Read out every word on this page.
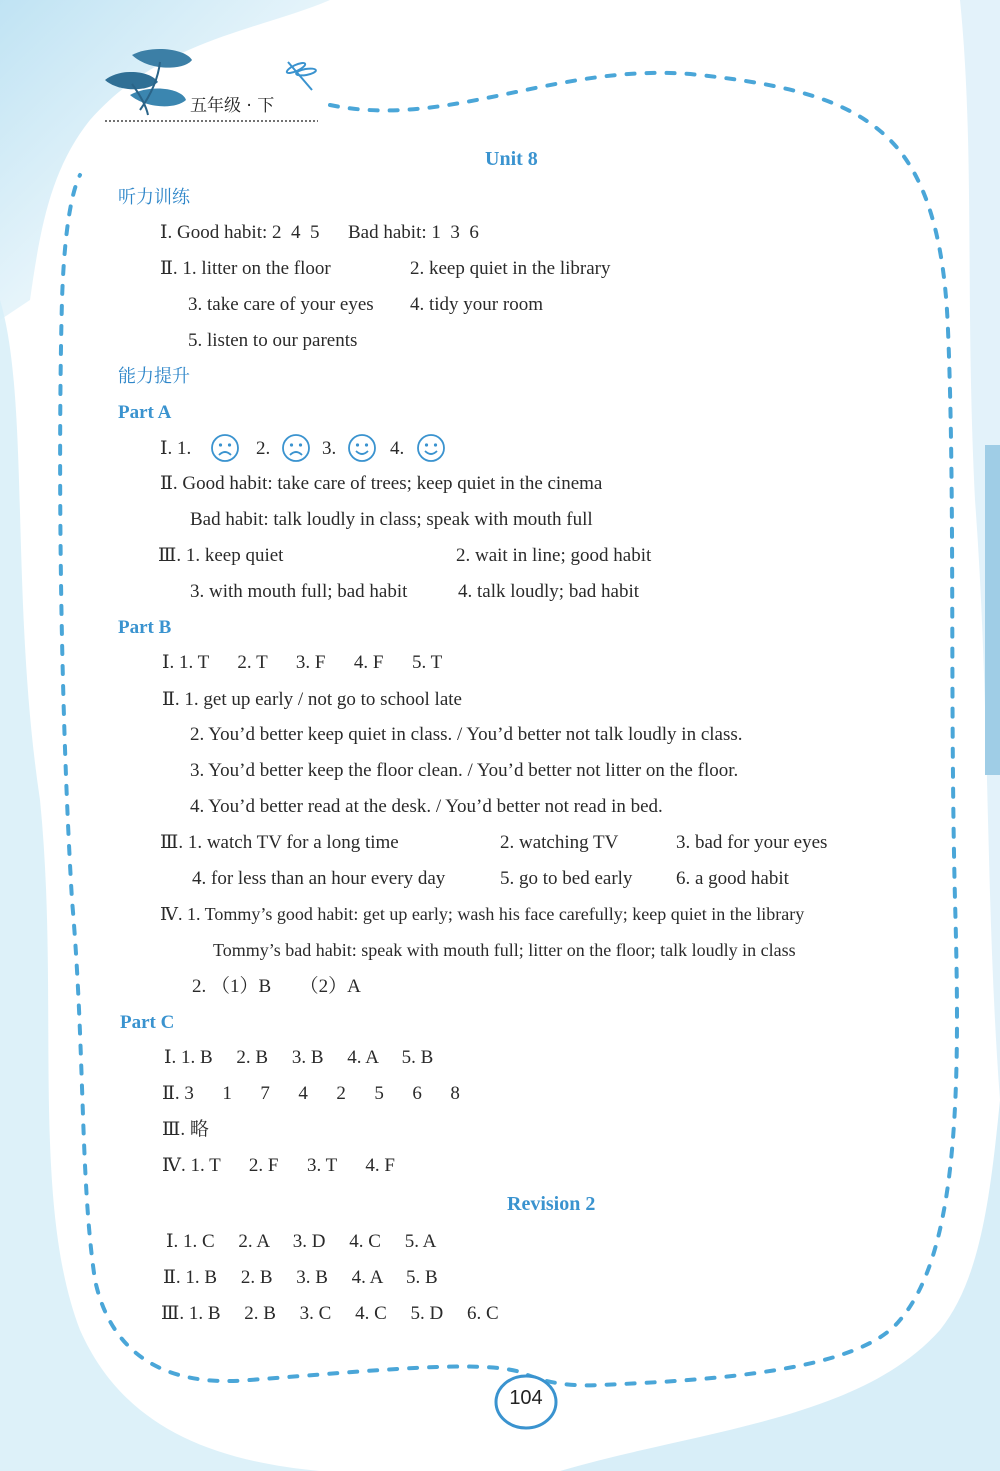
五年级 · 下
Unit 8
听力训练
Ⅰ. Good habit: 2  4  5      Bad habit: 1  3  6
Ⅱ. 1. litter on the floor	2. keep quiet in the library
3. take care of your eyes 4. tidy your room
5. listen to our parents
能力提升
Part A
Ⅰ. 1.	2.	3.	4.
Ⅱ. Good habit: take care of trees; keep quiet in the cinema
Bad habit: talk loudly in class; speak with mouth full
Ⅲ. 1. keep quiet	2. wait in line; good habit
3. with mouth full; bad habit	4. talk loudly; bad habit
Part B
Ⅰ. 1. T      2. T      3. F      4. F      5. T
Ⅱ. 1. get up early / not go to school late
2. You’d better keep quiet in class. / You’d better not talk loudly in class.
3. You’d better keep the floor clean. / You’d better not litter on the floor.
4. You’d better read at the desk. / You’d better not read in bed.
Ⅲ. 1. watch TV for a long time	2. watching TV	3. bad for your eyes
4. for less than an hour every day	5. go to bed early 6. a good habit
Ⅳ. 1. Tommy’s good habit: get up early; wash his face carefully; keep quiet in the library
Tommy’s bad habit: speak with mouth full; litter on the floor; talk loudly in class
2. （1）B      （2）A
Part C
Ⅰ. 1. B     2. B     3. B     4. A     5. B
Ⅱ. 3      1      7      4      2      5      6      8
Ⅲ. 略
Ⅳ. 1. T      2. F      3. T      4. F
Revision 2
Ⅰ. 1. C     2. A     3. D     4. C     5. A
Ⅱ. 1. B     2. B     3. B     4. A     5. B
Ⅲ. 1. B     2. B     3. C     4. C     5. D     6. C
104
